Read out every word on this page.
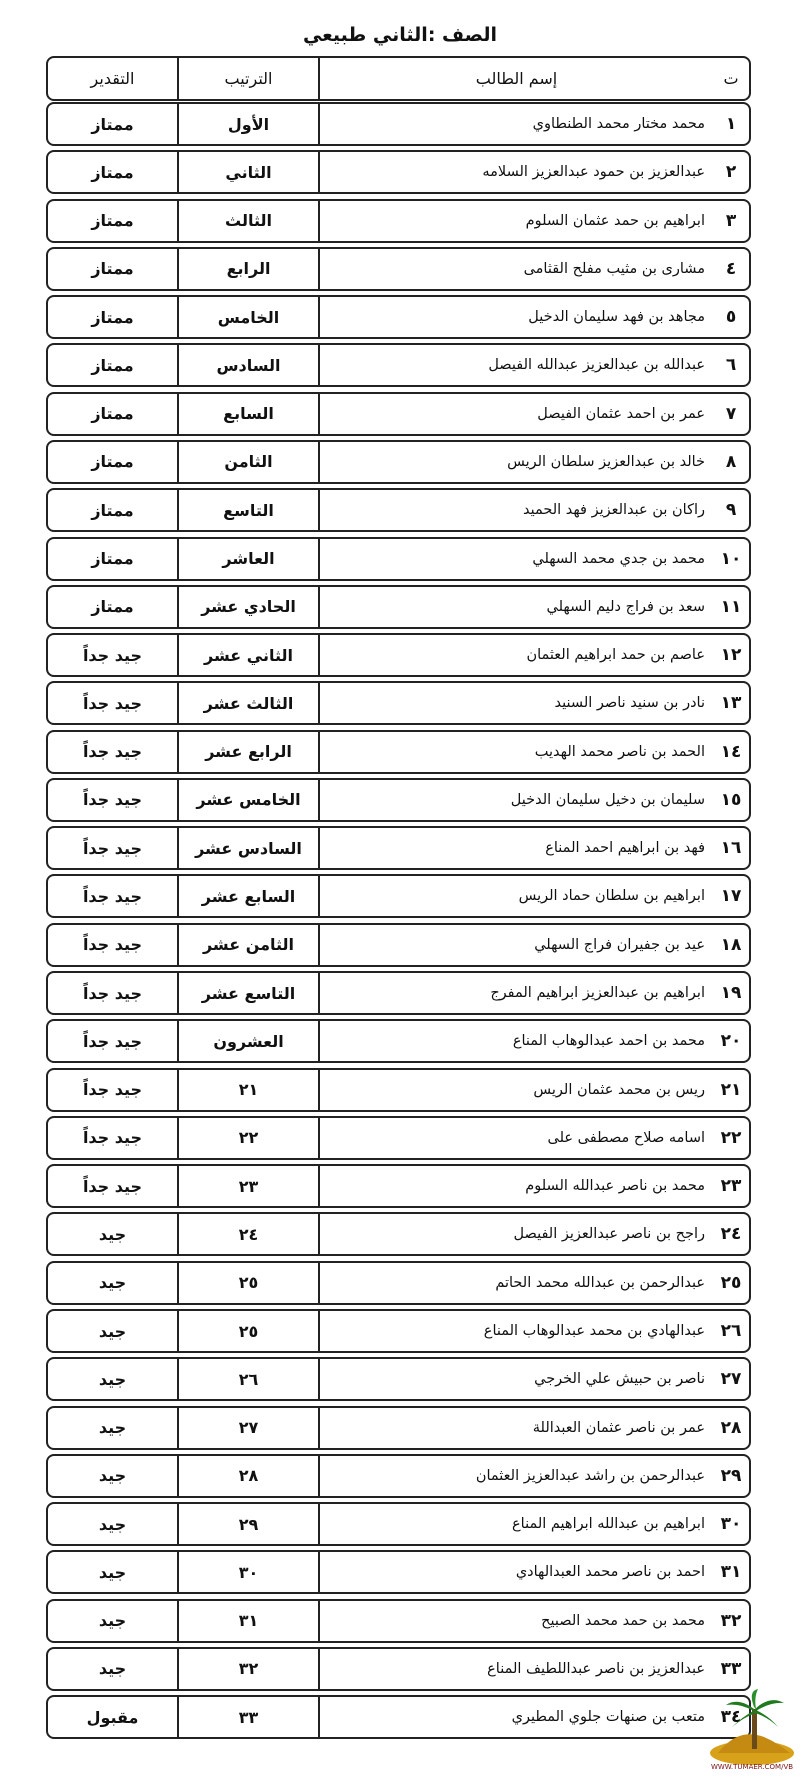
الصف :الثاني طبيعي
التقدير	الترتيب	إسم الطالب	ت
ممتاز	الأول	محمد مختار محمد الطنطاوي	١
ممتاز	الثاني	عبدالعزيز بن حمود عبدالعزيز السلامه	٢
ممتاز	الثالث	ابراهيم بن حمد عثمان السلوم	٣
ممتاز	الرابع	مشارى بن مثيب مفلح القثامى	٤
ممتاز	الخامس	مجاهد بن فهد سليمان الدخيل	٥
ممتاز	السادس	عبدالله بن عبدالعزيز عبدالله الفيصل	٦
ممتاز	السابع	عمر بن احمد عثمان الفيصل	٧
ممتاز	الثامن	خالد بن عبدالعزيز سلطان الريس	٨
ممتاز	التاسع	راكان بن عبدالعزيز فهد الحميد	٩
ممتاز	العاشر	محمد بن جدي محمد السهلي ١٠
ممتاز	الحادي عشر	سعد بن فراج دليم السهلي ١١
جيد جداً	الثاني عشر	عاصم بن حمد ابراهيم العثمان ١٢
جيد جداً	الثالث عشر	نادر بن سنيد ناصر السنيد ١٣
جيد جداً	الرابع عشر	الحمد بن ناصر محمد الهديب ١٤
جيد جداً	الخامس عشر	سليمان بن دخيل سليمان الدخيل ١٥
جيد جداً	السادس عشر	فهد بن ابراهيم احمد المناع ١٦
جيد جداً	السابع عشر	ابراهيم بن سلطان حماد الريس ١٧
جيد جداً	الثامن عشر	عيد بن جفيران فراج السهلي ١٨
جيد جداً	التاسع عشر	ابراهيم بن عبدالعزيز ابراهيم المفرج ١٩
جيد جداً	العشرون	محمد بن احمد عبدالوهاب المناع ٢٠
جيد جداً	٢١	ريس بن محمد عثمان الريس ٢١
جيد جداً	٢٢	اسامه صلاح مصطفى على ٢٢
جيد جداً	٢٣	محمد بن ناصر عبدالله السلوم ٢٣
جيد	٢٤	راجح بن ناصر عبدالعزيز الفيصل ٢٤
جيد	٢٥	عبدالرحمن بن عبدالله محمد الحاتم ٢٥
جيد	٢٥	عبدالهادي بن محمد عبدالوهاب المناع ٢٦
جيد	٢٦	ناصر بن حبيش علي الخرجي ٢٧
جيد	٢٧	عمر بن ناصر عثمان العبداللة ٢٨
جيد	٢٨	عبدالرحمن بن راشد عبدالعزيز العثمان ٢٩
جيد	٢٩	ابراهيم بن عبدالله ابراهيم المناع ٣٠
جيد	٣٠	احمد بن ناصر محمد العبدالهادي ٣١
جيد	٣١	محمد بن حمد محمد الصبيح ٣٢
جيد	٣٢	عبدالعزيز بن ناصر عبداللطيف المناع ٣٣
مقبول	٣٣	متعب بن صنهات جلوي المطيري ٣٤
WWW.TUMAER.COM/VB
